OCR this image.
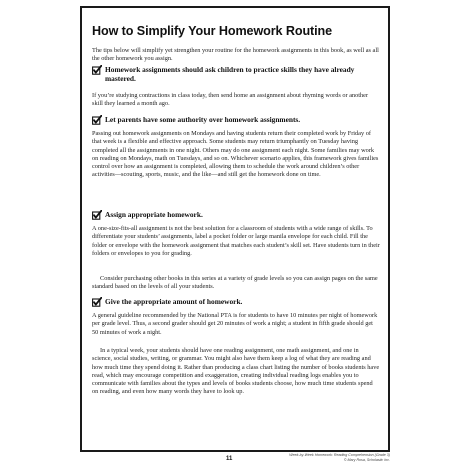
How to Simplify Your Homework Routine

The tips below will simplify yet strengthen your routine for the homework assignments in this book, as well as all the other homework you assign.

Homework assignments should ask children to practice skills they have already mastered.

If you’re studying contractions in class today, then send home an assignment about rhyming words or another skill they learned a month ago.

Let parents have some authority over homework assignments.

Passing out homework assignments on Mondays and having students return their completed work by Friday of that week is a flexible and effective approach. Some students may return triumphantly on Tuesday having completed all the assignments in one night. Others may do one assignment each night. Some families may work on reading on Mondays, math on Tuesdays, and so on. Whichever scenario applies, this framework gives families control over how an assignment is completed, allowing them to schedule the work around children’s other activities—scouting, sports, music, and the like—and still get the homework done on time.

Assign appropriate homework.

A one-size-fits-all assignment is not the best solution for a classroom of students with a wide range of skills. To differentiate your students’ assignments, label a pocket folder or large manila envelope for each child. Fill the folder or envelope with the homework assignment that matches each student’s skill set. Have students turn in their folders or envelopes to you for grading.

Consider purchasing other books in this series at a variety of grade levels so you can assign pages on the same standard based on the levels of all your students.

Give the appropriate amount of homework.

A general guideline recommended by the National PTA is for students to have 10 minutes per night of homework per grade level. Thus, a second grader should get 20 minutes of work a night; a student in fifth grade should get 50 minutes of work a night.

In a typical week, your students should have one reading assignment, one math assignment, and one in science, social studies, writing, or grammar. You might also have them keep a log of what they are reading and how much time they spend doing it. Rather than producing a class chart listing the number of books students have read, which may encourage competition and exaggeration, creating individual reading logs enables you to communicate with families about the types and levels of books students choose, how much time students spend on reading, and even how many words they have to look up.

11
Week-by-Week Homework: Reading Comprehension (Grade 3)
© Mary Rosa, Scholastic Inc.
